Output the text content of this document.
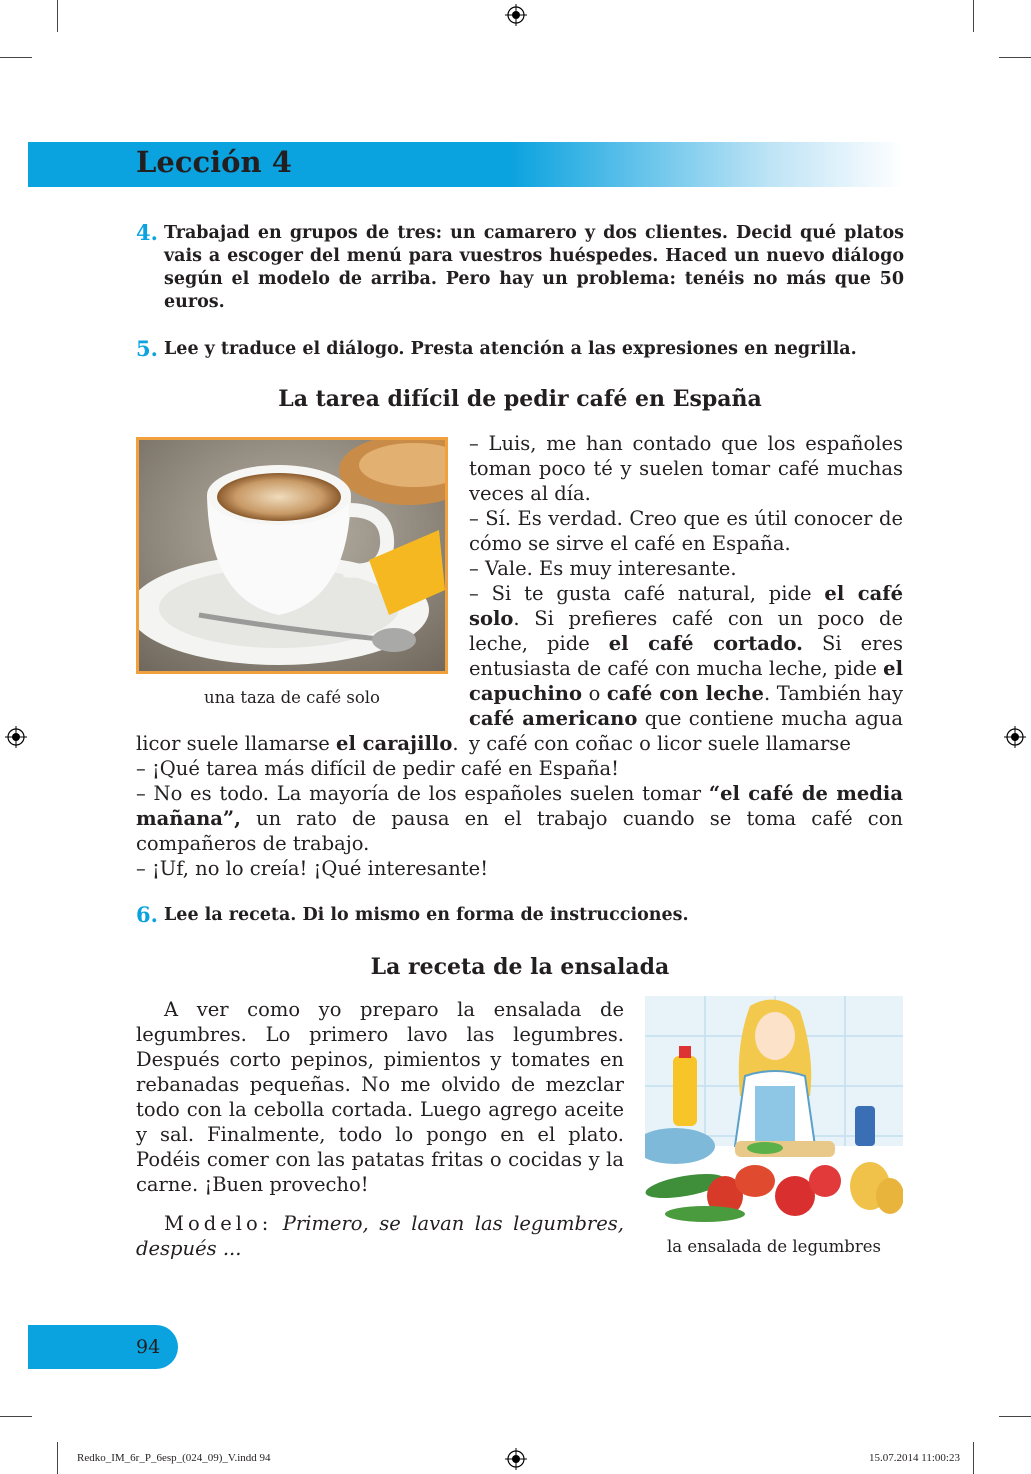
Lección 4
4. Trabajad en grupos de tres: un camarero y dos clientes. Decid qué platos vais a escoger del menú para vuestros huéspedes. Haced un nuevo diálogo según el modelo de arriba. Pero hay un problema: tenéis no más que 50 euros.
5. Lee y traduce el diálogo. Presta atención a las expresiones en negrilla.
La tarea difícil de pedir café en España
una taza de café solo
– Luis, me han contado que los españoles toman poco té y suelen tomar café muchas veces al día.
– Sí. Es verdad. Creo que es útil conocer de cómo se sirve el café en España.
– Vale. Es muy interesante.
– Si te gusta café natural, pide el café solo. Si prefieres café con un poco de leche, pide el café cortado. Si eres entusiasta de café con mucha leche, pide el capuchino o café con leche. También hay café americano que contiene mucha agua y café con coñac o licor suele llamarse
licor suele llamarse el carajillo.
– ¡Qué tarea más difícil de pedir café en España!
– No es todo. La mayoría de los españoles suelen tomar “el café de media mañana”, un rato de pausa en el trabajo cuando se toma café con compañeros de trabajo.
– ¡Uf, no lo creía! ¡Qué interesante!
6. Lee la receta. Di lo mismo en forma de instrucciones.
La receta de la ensalada
A ver como yo preparo la ensalada de legumbres. Lo primero lavo las legumbres. Después corto pepinos, pimientos y tomates en rebanadas pequeñas. No me olvido de mezclar todo con la cebolla cortada. Luego agrego aceite y sal. Finalmente, todo lo pongo en el plato. Podéis comer con las patatas fritas o cocidas y la carne. ¡Buen provecho!
Modelo: Primero, se lavan las legumbres, después ...	la ensalada de legumbres
94
Redko_IM_6r_P_6esp_(024_09)_V.indd 94	15.07.2014 11:00:23
